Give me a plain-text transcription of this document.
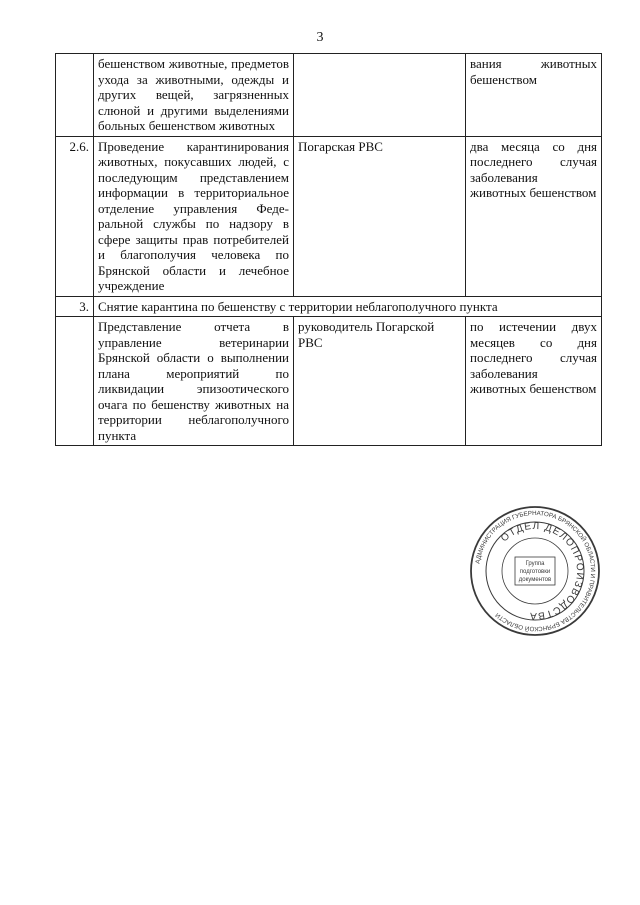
3
	бешенством животные, предметов ухода за животными, одежды и других вещей, загрязненных слюной и другими выделениями больных бешенством животных		вания животных бешенством
2.6.	Проведение карантинирования животных, покусавших людей, с последующим представлением информации в территориальное отделение управления Федеральной службы по надзору в сфере защиты прав потребителей и благополучия человека по Брянской области и лечебное учреждение	Погарская РВС	два месяца со дня последнего случая заболевания животных бешенством
3.	Снятие карантина по бешенству с территории неблагополучного пункта		
	Представление отчета в управление ветеринарии Брянской области о выполнении плана мероприятий по ликвидации эпизоотического очага по бешенству животных на территории неблагополучного пункта	руководитель Погарской РВС	по истечении двух месяцев со дня последнего случая заболевания животных бешенством
АДМИНИСТРАЦИЯ ГУБЕРНАТОРА БРЯНСКОЙ ОБЛАСТИ И ПРАВИТЕЛЬСТВА БРЯНСКОЙ ОБЛАСТИ
ОТДЕЛ ДЕЛОПРОИЗВОДСТВА
Группа
подготовки
документов
